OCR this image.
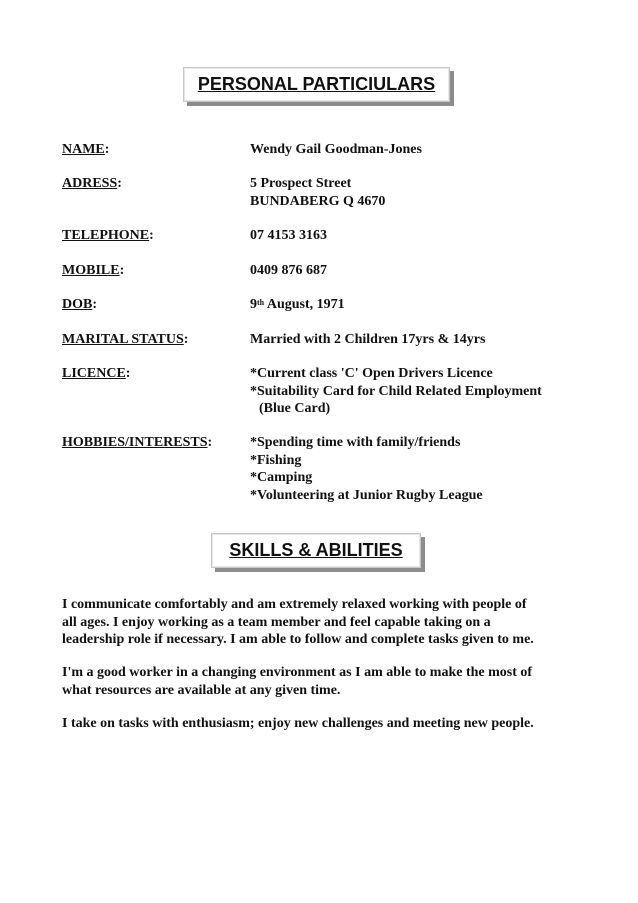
PERSONAL PARTICIULARS
NAME:	Wendy Gail Goodman-Jones
ADRESS:	5 Prospect Street
BUNDABERG Q 4670
TELEPHONE:	07 4153 3163
MOBILE:	0409 876 687
DOB:	9th August, 1971
MARITAL STATUS:	Married with 2 Children 17yrs & 14yrs
LICENCE:	*Current class 'C' Open Drivers Licence
*Suitability Card for Child Related Employment
(Blue Card)
HOBBIES/INTERESTS:	*Spending time with family/friends
*Fishing
*Camping
*Volunteering at Junior Rugby League
SKILLS & ABILITIES
I communicate comfortably and am extremely relaxed working with people of
all ages. I enjoy working as a team member and feel capable taking on a
leadership role if necessary. I am able to follow and complete tasks given to me.
I'm a good worker in a changing environment as I am able to make the most of
what resources are available at any given time.
I take on tasks with enthusiasm; enjoy new challenges and meeting new people.
